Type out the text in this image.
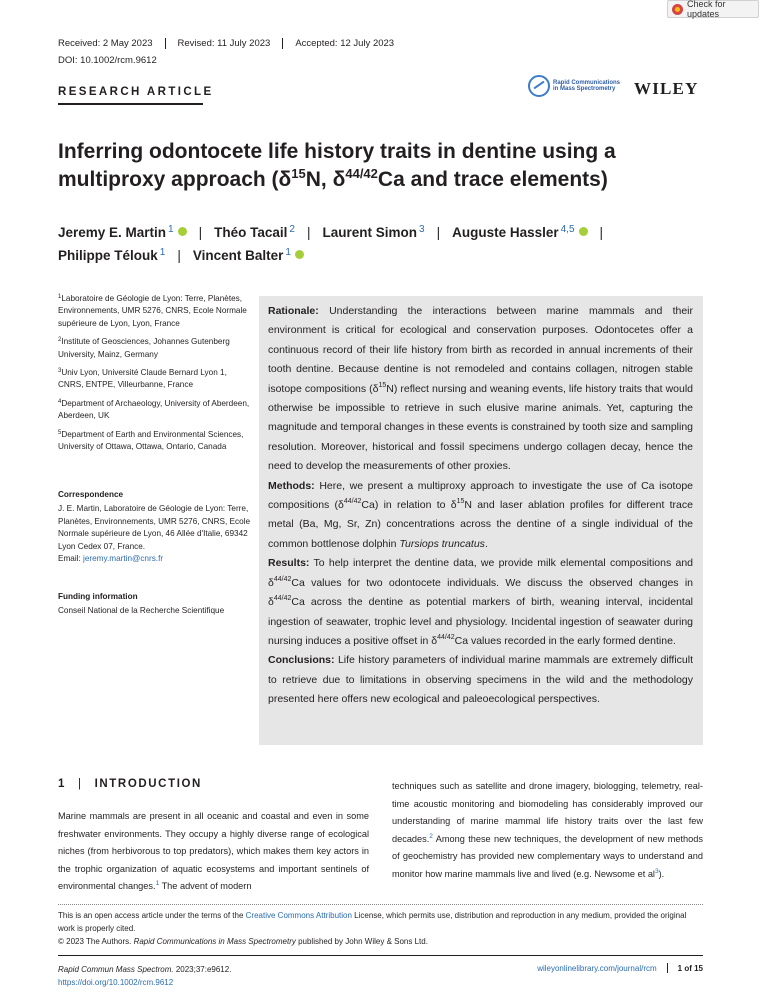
Check for updates
Received: 2 May 2023	Revised: 11 July 2023	Accepted: 12 July 2023
DOI: 10.1002/rcm.9612
RESEARCH ARTICLE
Rapid Communications in Mass Spectrometry	WILEY
Inferring odontocete life history traits in dentine using a
multiproxy approach ($\delta^{15}N$, $\delta^{44/42}Ca$ and trace elements)
Jeremy E. Martin $^1$ | Théo Tacail $^2$ | Laurent Simon $^3$ | Auguste Hassler $^{4,5}$ |
Philippe Télouk $^1$ | Vincent Balter $^1$

$^1$Laboratoire de Géologie de Lyon: Terre, Planètes, Environnements, UMR 5276, CNRS, Ecole Normale supérieure de Lyon, Lyon, France

$^2$Institute of Geosciences, Johannes Gutenberg University, Mainz, Germany

$^3$Univ Lyon, Université Claude Bernard Lyon 1, CNRS, ENTPE, Villeurbanne, France

$^4$Department of Archaeology, University of Aberdeen, Aberdeen, UK

$^5$Department of Earth and Environmental Sciences, University of Ottawa, Ottawa, Ontario, Canada

Correspondence
J. E. Martin, Laboratoire de Géologie de Lyon: Terre, Planètes, Environnements, UMR 5276, CNRS, Ecole Normale supérieure de Lyon, 46 Allée d'Italie, 69342 Lyon Cedex 07, France.
Email: jeremy.martin@cnrs.fr
Funding information
Conseil National de la Recherche Scientifique

Rationale: Understanding the interactions between marine mammals and their environment is critical for ecological and conservation purposes. Odontocetes offer a continuous record of their life history from birth as recorded in annual increments of their tooth dentine. Because dentine is not remodeled and contains collagen, nitrogen stable isotope compositions $(\delta^{15}N)$ reflect nursing and weaning events, life history traits that would otherwise be impossible to retrieve in such elusive marine animals. Yet, capturing the magnitude and temporal changes in these events is constrained by tooth size and sampling resolution. Moreover, historical and fossil specimens undergo collagen decay, hence the need to develop the measurements of other proxies.

Methods: Here, we present a multiproxy approach to investigate the use of Ca isotope compositions $(\delta^{44/42}Ca)$ in relation to $\delta^{15}N$ and laser ablation profiles for different trace metal (Ba, Mg, Sr, Zn) concentrations across the dentine of a single individual of the common bottlenose dolphin Tursiops truncatus.

Results: To help interpret the dentine data, we provide milk elemental compositions and $\delta^{44/42}Ca$ values for two odontocete individuals. We discuss the observed changes in $\delta^{44/42}Ca$ across the dentine as potential markers of birth, weaning interval, incidental ingestion of seawater, trophic level and physiology. Incidental ingestion of seawater during nursing induces a positive offset in $\delta^{44/42}Ca$ values recorded in the early formed dentine.

Conclusions: Life history parameters of individual marine mammals are extremely difficult to retrieve due to limitations in observing specimens in the wild and the methodology presented here offers new ecological and paleoecological perspectives.

1 | INTRODUCTION
Marine mammals are present in all oceanic and coastal and even in some freshwater environments. They occupy a highly diverse range of ecological niches (from herbivorous to top predators), which makes them key actors in the trophic organization of aquatic ecosystems and important sentinels of environmental changes.$^1$ The advent of modern
techniques such as satellite and drone imagery, biologging, telemetry, real-time acoustic monitoring and biomodeling has considerably improved our understanding of marine mammal life history traits over the last few decades.$^2$ Among these new techniques, the development of new methods of geochemistry has provided new complementary ways to understand and monitor how marine mammals live and lived (e.g. Newsome et $al^3$).
This is an open access article under the terms of the Creative Commons Attribution License, which permits use, distribution and reproduction in any medium, provided the original work is properly cited.
© 2023 The Authors. Rapid Communications in Mass Spectrometry published by John Wiley & Sons Ltd.
Rapid Commun Mass Spectrom. 2023;37:e9612.
https://doi.org/10.1002/rcm.9612
wileyonlinelibrary.com/journal/rcm	1 of 15
